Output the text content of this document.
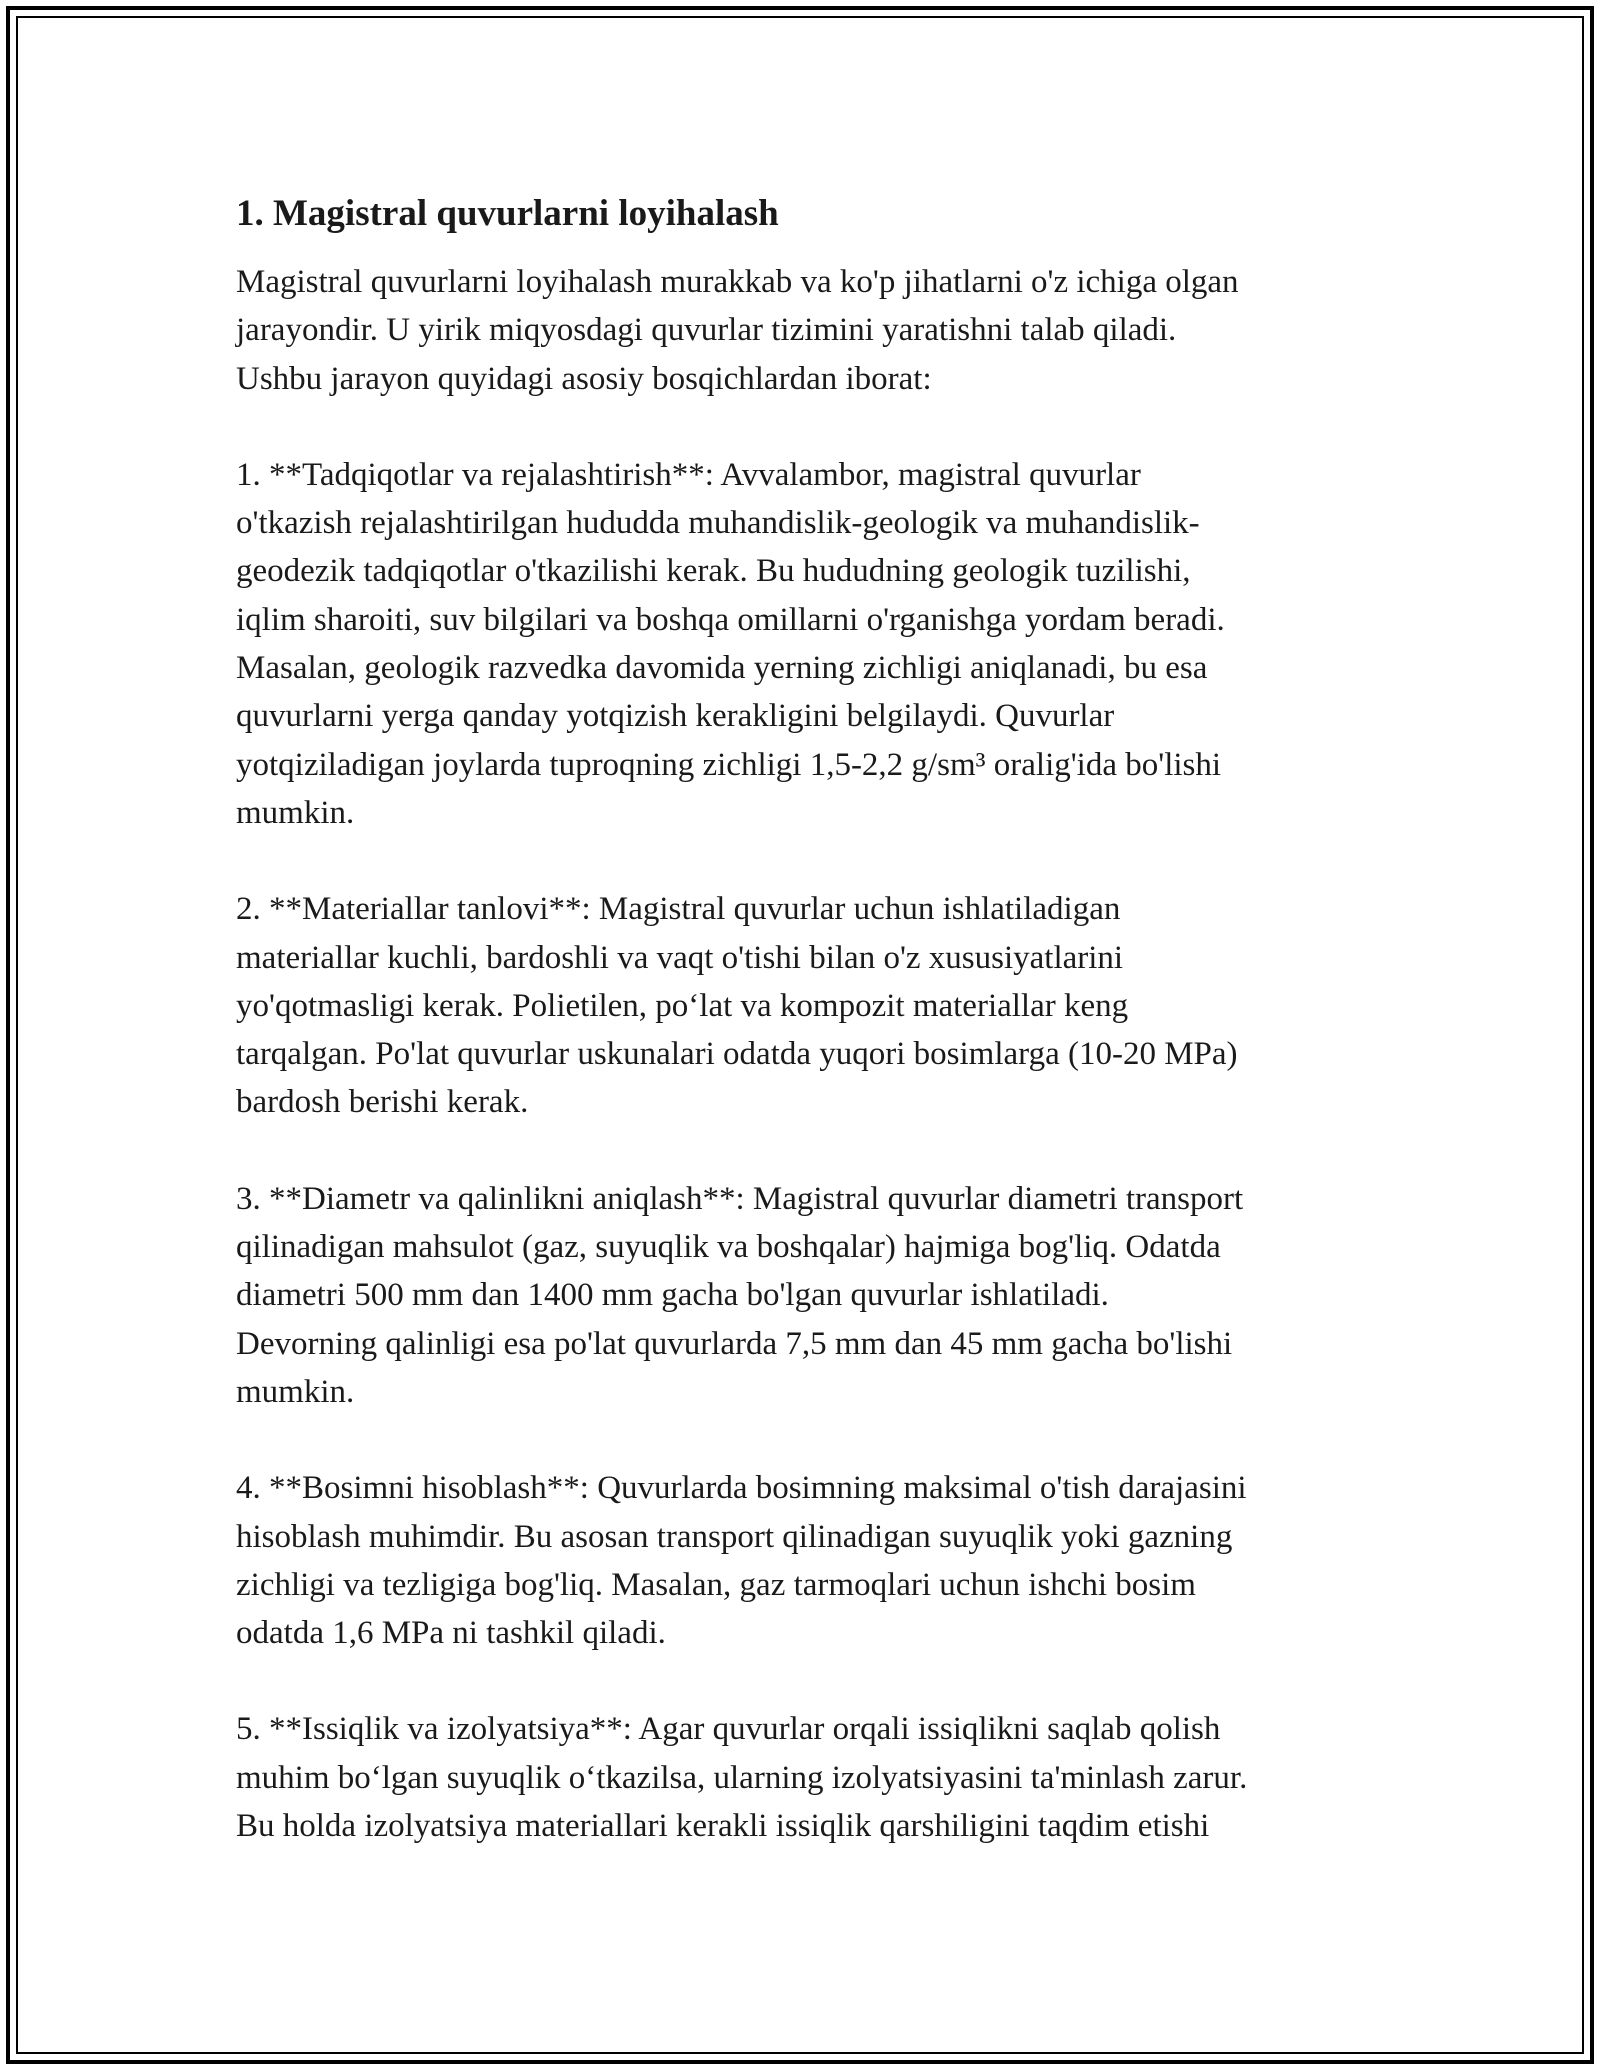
1. Magistral quvurlarni loyihalash

Magistral quvurlarni loyihalash murakkab va ko'p jihatlarni o'z ichiga olgan
jarayondir. U yirik miqyosdagi quvurlar tizimini yaratishni talab qiladi.
Ushbu jarayon quyidagi asosiy bosqichlardan iborat:

1. **Tadqiqotlar va rejalashtirish**: Avvalambor, magistral quvurlar
o'tkazish rejalashtirilgan hududda muhandislik-geologik va muhandislik-
geodezik tadqiqotlar o'tkazilishi kerak. Bu hududning geologik tuzilishi,
iqlim sharoiti, suv bilgilari va boshqa omillarni o'rganishga yordam beradi.
Masalan, geologik razvedka davomida yerning zichligi aniqlanadi, bu esa
quvurlarni yerga qanday yotqizish kerakligini belgilaydi. Quvurlar
yotqiziladigan joylarda tuproqning zichligi 1,5-2,2 g/sm³ oralig'ida bo'lishi
mumkin.

2. **Materiallar tanlovi**: Magistral quvurlar uchun ishlatiladigan
materiallar kuchli, bardoshli va vaqt o'tishi bilan o'z xususiyatlarini
yo'qotmasligi kerak. Polietilen, po‘lat va kompozit materiallar keng
tarqalgan. Po'lat quvurlar uskunalari odatda yuqori bosimlarga (10-20 MPa)
bardosh berishi kerak.

3. **Diametr va qalinlikni aniqlash**: Magistral quvurlar diametri transport
qilinadigan mahsulot (gaz, suyuqlik va boshqalar) hajmiga bog'liq. Odatda
diametri 500 mm dan 1400 mm gacha bo'lgan quvurlar ishlatiladi.
Devorning qalinligi esa po'lat quvurlarda 7,5 mm dan 45 mm gacha bo'lishi
mumkin.

4. **Bosimni hisoblash**: Quvurlarda bosimning maksimal o'tish darajasini
hisoblash muhimdir. Bu asosan transport qilinadigan suyuqlik yoki gazning
zichligi va tezligiga bog'liq. Masalan, gaz tarmoqlari uchun ishchi bosim
odatda 1,6 MPa ni tashkil qiladi.

5. **Issiqlik va izolyatsiya**: Agar quvurlar orqali issiqlikni saqlab qolish
muhim bo‘lgan suyuqlik o‘tkazilsa, ularning izolyatsiyasini ta'minlash zarur.
Bu holda izolyatsiya materiallari kerakli issiqlik qarshiligini taqdim etishi
